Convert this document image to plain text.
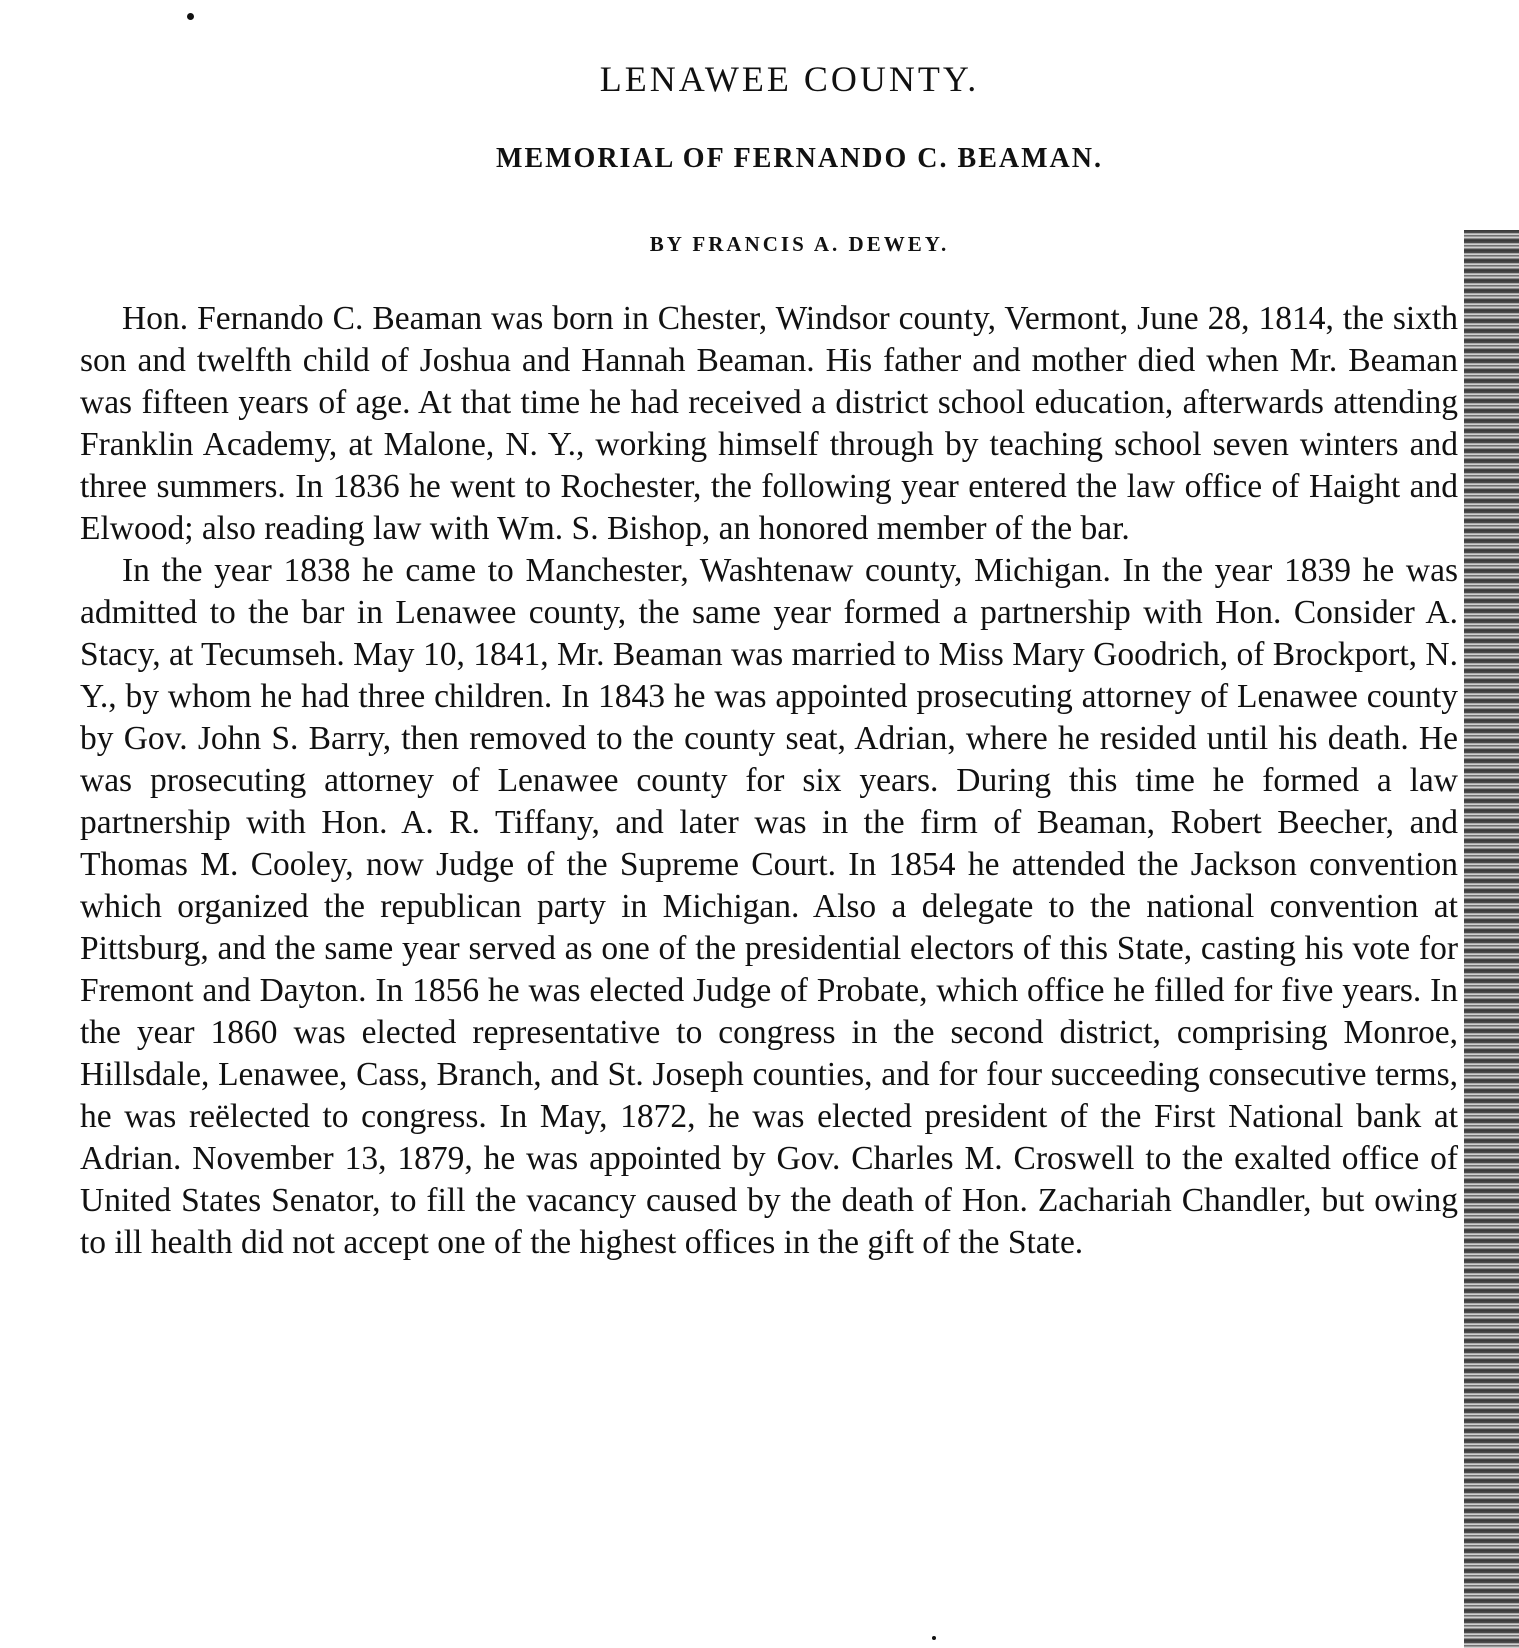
LENAWEE COUNTY.
MEMORIAL OF FERNANDO C. BEAMAN.
BY FRANCIS A. DEWEY.

Hon. Fernando C. Beaman was born in Chester, Windsor county, Vermont, June 28, 1814, the sixth son and twelfth child of Joshua and Hannah Beaman. His father and mother died when Mr. Beaman was fifteen years of age. At that time he had received a district school education, afterwards attending Franklin Academy, at Malone, N. Y., working himself through by teaching school seven winters and three summers. In 1836 he went to Rochester, the following year entered the law office of Haight and Elwood; also reading law with Wm. S. Bishop, an honored member of the bar.

In the year 1838 he came to Manchester, Washtenaw county, Michigan. In the year 1839 he was admitted to the bar in Lenawee county, the same year formed a partnership with Hon. Consider A. Stacy, at Tecumseh. May 10, 1841, Mr. Beaman was married to Miss Mary Goodrich, of Brockport, N. Y., by whom he had three children. In 1843 he was appointed prosecuting attorney of Lenawee county by Gov. John S. Barry, then removed to the county seat, Adrian, where he resided until his death. He was prosecuting attorney of Lenawee county for six years. During this time he formed a law partnership with Hon. A. R. Tiffany, and later was in the firm of Beaman, Robert Beecher, and Thomas M. Cooley, now Judge of the Supreme Court. In 1854 he attended the Jackson convention which organized the republican party in Michigan. Also a delegate to the national convention at Pittsburg, and the same year served as one of the presidential electors of this State, casting his vote for Fremont and Dayton. In 1856 he was elected Judge of Probate, which office he filled for five years. In the year 1860 was elected representative to congress in the second district, comprising Monroe, Hillsdale, Lenawee, Cass, Branch, and St. Joseph counties, and for four succeeding consecutive terms, he was reëlected to congress. In May, 1872, he was elected president of the First National bank at Adrian. November 13, 1879, he was appointed by Gov. Charles M. Croswell to the exalted office of United States Senator, to fill the vacancy caused by the death of Hon. Zachariah Chandler, but owing to ill health did not accept one of the highest offices in the gift of the State.
